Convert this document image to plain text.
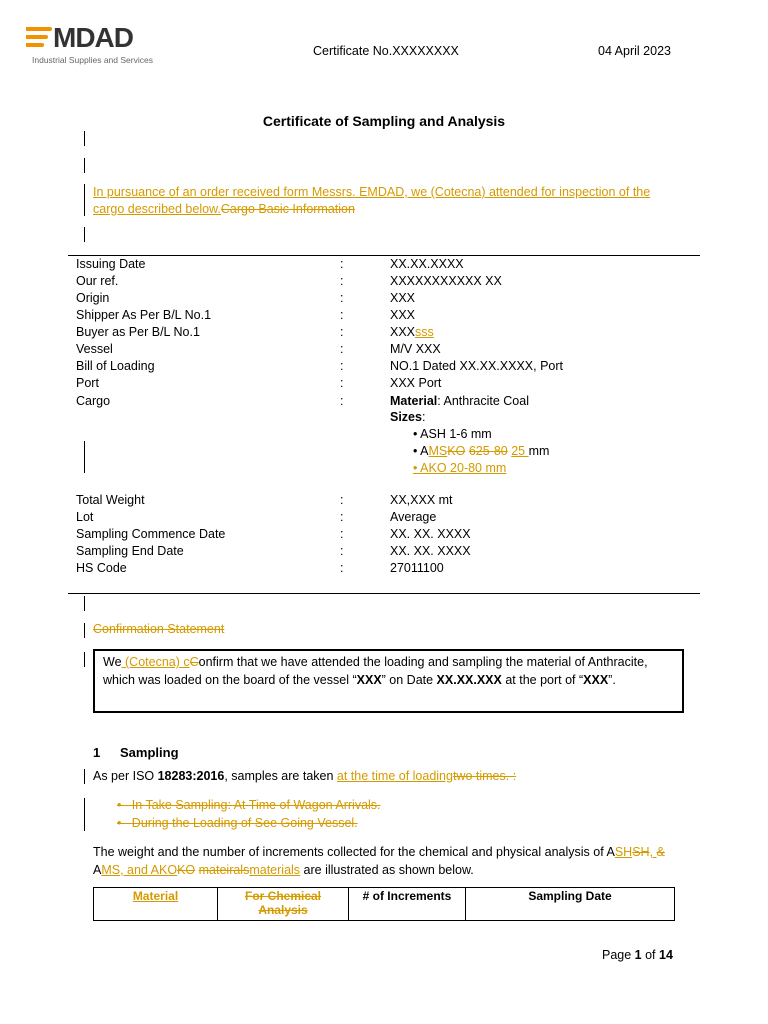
MDAD
Industrial Supplies and Services
Certificate No.XXXXXXXX	04 April 2023
Certificate of Sampling and Analysis
In pursuance of an order received form Messrs. EMDAD, we (Cotecna) attended for inspection of the cargo described below.Cargo Basic Information
Issuing Date	:	XX.XX.XXXX
Our ref.	:	XXXXXXXXXXX XX
Origin	:	XXX
Shipper As Per B/L No.1	:	XXX
Buyer as Per B/L No.1	:	XXXsss
Vessel	:	M/V XXX
Bill of Loading	:	NO.1 Dated XX.XX.XXXX, Port
Port	:	XXX Port
Cargo	:	Material: Anthracite Coal
Sizes:
• ASH 1-6 mm
• AMSKO 625-80 25 mm
• AKO 20-80 mm
Total Weight	:	XX,XXX mt
Lot	:	Average
Sampling Commence Date	:	XX. XX. XXXX
Sampling End Date	:	XX. XX. XXXX
HS Code	:	27011100
Confirmation Statement
We (Cotecna) cConfirm that we have attended the loading and sampling the material of Anthracite, which was loaded on the board of the vessel “XXX” on Date XX.XX.XXX at the port of “XXX”.
1 Sampling
As per ISO 18283:2016, samples are taken at the time of loadingtwo times. :
•   In Take Sampling: At Time of Wagon Arrivals.
•   During the Loading of See Going Vessel.
The weight and the number of increments collected for the chemical and physical analysis of ASHSH, & AMS, and AKOKO mateiralsmaterials are illustrated as shown below.
Material	For Chemical Analysis	# of Increments	Sampling Date
Page 1 of 14
